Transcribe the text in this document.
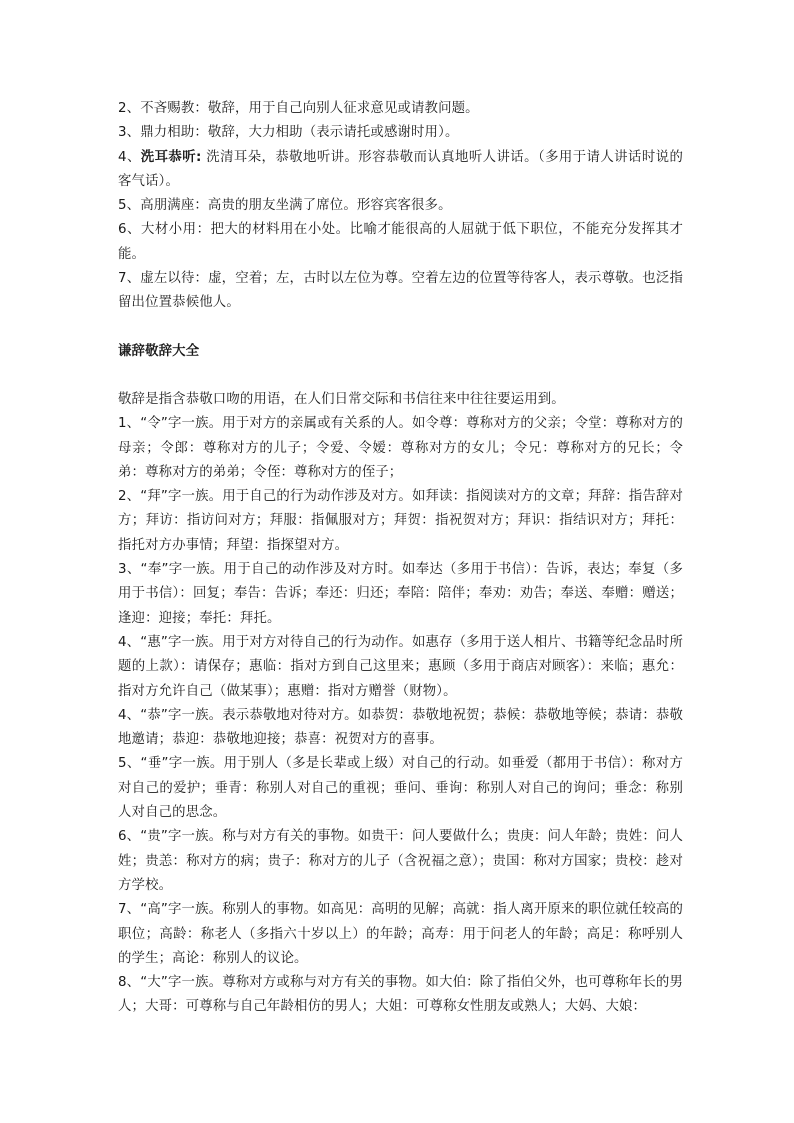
2、不吝赐教：敬辞，用于自己向别人征求意见或请教问题。

3、鼎力相助：敬辞，大力相助（表示请托或感谢时用）。

4、洗耳恭听: 洗清耳朵，恭敬地听讲。形容恭敬而认真地听人讲话。（多用于请人讲话时说的客气话）。

5、高朋满座：高贵的朋友坐满了席位。形容宾客很多。

6、大材小用：把大的材料用在小处。比喻才能很高的人屈就于低下职位，不能充分发挥其才能。

7、虚左以待：虚，空着；左，古时以左位为尊。空着左边的位置等待客人，表示尊敬。也泛指留出位置恭候他人。

谦辞敬辞大全

敬辞是指含恭敬口吻的用语，在人们日常交际和书信往来中往往要运用到。

1、“令”字一族。用于对方的亲属或有关系的人。如令尊：尊称对方的父亲；令堂：尊称对方的母亲；令郎：尊称对方的儿子；令爱、令嫒：尊称对方的女儿；令兄：尊称对方的兄长；令弟：尊称对方的弟弟；令侄：尊称对方的侄子；

2、“拜”字一族。用于自己的行为动作涉及对方。如拜读：指阅读对方的文章；拜辞：指告辞对方；拜访：指访问对方；拜服：指佩服对方；拜贺：指祝贺对方；拜识：指结识对方；拜托：指托对方办事情；拜望：指探望对方。

3、“奉”字一族。用于自己的动作涉及对方时。如奉达（多用于书信）：告诉，表达；奉复（多用于书信）：回复；奉告：告诉；奉还：归还；奉陪：陪伴；奉劝：劝告；奉送、奉赠：赠送；逢迎：迎接；奉托：拜托。

4、“惠”字一族。用于对方对待自己的行为动作。如惠存（多用于送人相片、书籍等纪念品时所题的上款）：请保存；惠临：指对方到自己这里来；惠顾（多用于商店对顾客）：来临；惠允：指对方允许自己（做某事）；惠赠：指对方赠誉（财物）。

4、“恭”字一族。表示恭敬地对待对方。如恭贺：恭敬地祝贺；恭候：恭敬地等候；恭请：恭敬地邀请；恭迎：恭敬地迎接；恭喜：祝贺对方的喜事。

5、“垂”字一族。用于别人（多是长辈或上级）对自己的行动。如垂爱（都用于书信）：称对方对自己的爱护；垂青：称别人对自己的重视；垂问、垂询：称别人对自己的询问；垂念：称别人对自己的思念。

6、“贵”字一族。称与对方有关的事物。如贵干：问人要做什么；贵庚：问人年龄；贵姓：问人姓；贵恙：称对方的病；贵子：称对方的儿子（含祝福之意）；贵国：称对方国家；贵校：趁对方学校。

7、“高”字一族。称别人的事物。如高见：高明的见解；高就：指人离开原来的职位就任较高的职位；高龄：称老人（多指六十岁以上）的年龄；高寿：用于问老人的年龄；高足：称呼别人的学生；高论：称别人的议论。

8、“大”字一族。尊称对方或称与对方有关的事物。如大伯：除了指伯父外，也可尊称年长的男人；大哥：可尊称与自己年龄相仿的男人；大姐：可尊称女性朋友或熟人；大妈、大娘：
